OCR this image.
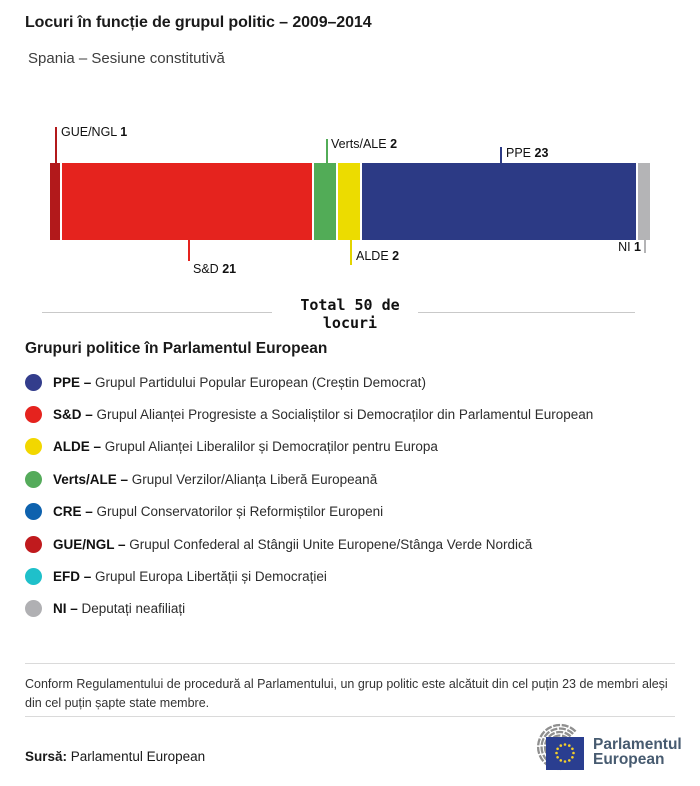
Locuri în funcție de grupul politic – 2009–2014
Spania – Sesiune constitutivă
GUE/NGL 1
S&D 21
Verts/ALE 2
ALDE 2
PPE 23
NI 1
Total 50 de
locuri
Grupuri politice în Parlamentul European
PPE – Grupul Partidului Popular European (Creștin Democrat)
S&D – Grupul Alianței Progresiste a Socialiștilor si Democraților din Parlamentul European
ALDE – Grupul Alianței Liberalilor și Democraților pentru Europa
Verts/ALE – Grupul Verzilor/Alianța Liberă Europeană
CRE – Grupul Conservatorilor și Reformiștilor Europeni
GUE/NGL – Grupul Confederal al Stângii Unite Europene/Stânga Verde Nordică
EFD – Grupul Europa Libertății și Democrației
NI – Deputați neafiliați
Conform Regulamentului de procedură al Parlamentului, un grup politic este alcătuit din cel puțin 23 de membri aleși din cel puțin șapte state membre.
Sursă: Parlamentul European
Parlamentul
European
